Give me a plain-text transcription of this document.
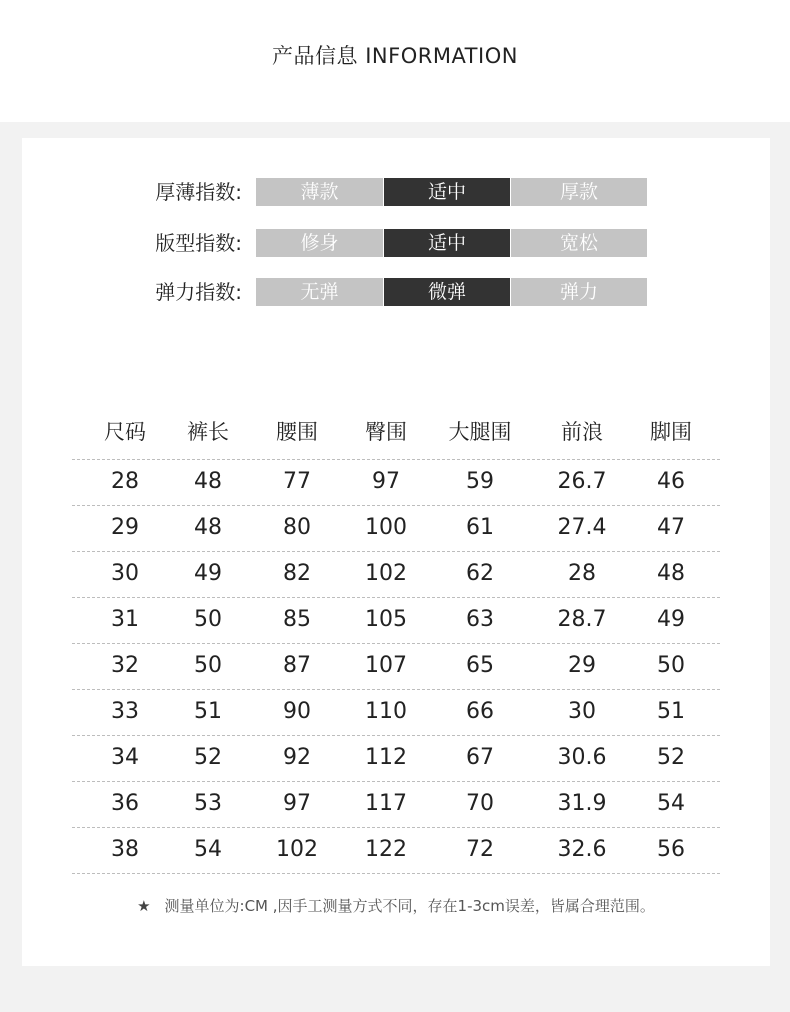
产品信息 INFORMATION
厚薄指数:	薄款	适中	厚款
版型指数:	修身	适中	宽松
弹力指数:	无弹	微弹	弹力
尺码	裤长	腰围	臀围	大腿围	前浪	脚围
28	48	77	97	59	26.7	46
29	48	80	100	61	27.4	47
30	49	82	102	62	28	48
31	50	85	105	63	28.7	49
32	50	87	107	65	29	50
33	51	90	110	66	30	51
34	52	92	112	67	30.6	52
36	53	97	117	70	31.9	54
38	54	102	122	72	32.6	56
★ 测量单位为:CM ,因手工测量方式不同，存在1-3cm误差，皆属合理范围。
